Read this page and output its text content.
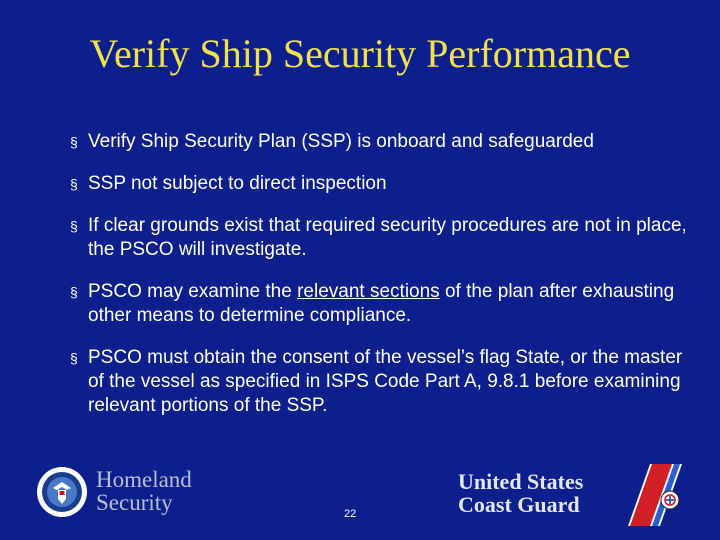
Verify Ship Security Performance
§ Verify Ship Security Plan (SSP) is onboard and safeguarded
§ SSP not subject to direct inspection
§ If clear grounds exist that required security procedures are not in place, the PSCO will investigate.
§ PSCO may examine the relevant sections of the plan after exhausting other means to determine compliance.
§ PSCO must obtain the consent of the vessel’s flag State, or the master of the vessel as specified in ISPS Code Part A, 9.8.1 before examining relevant portions of the SSP.
Homeland
Security	22
United States
Coast Guard
